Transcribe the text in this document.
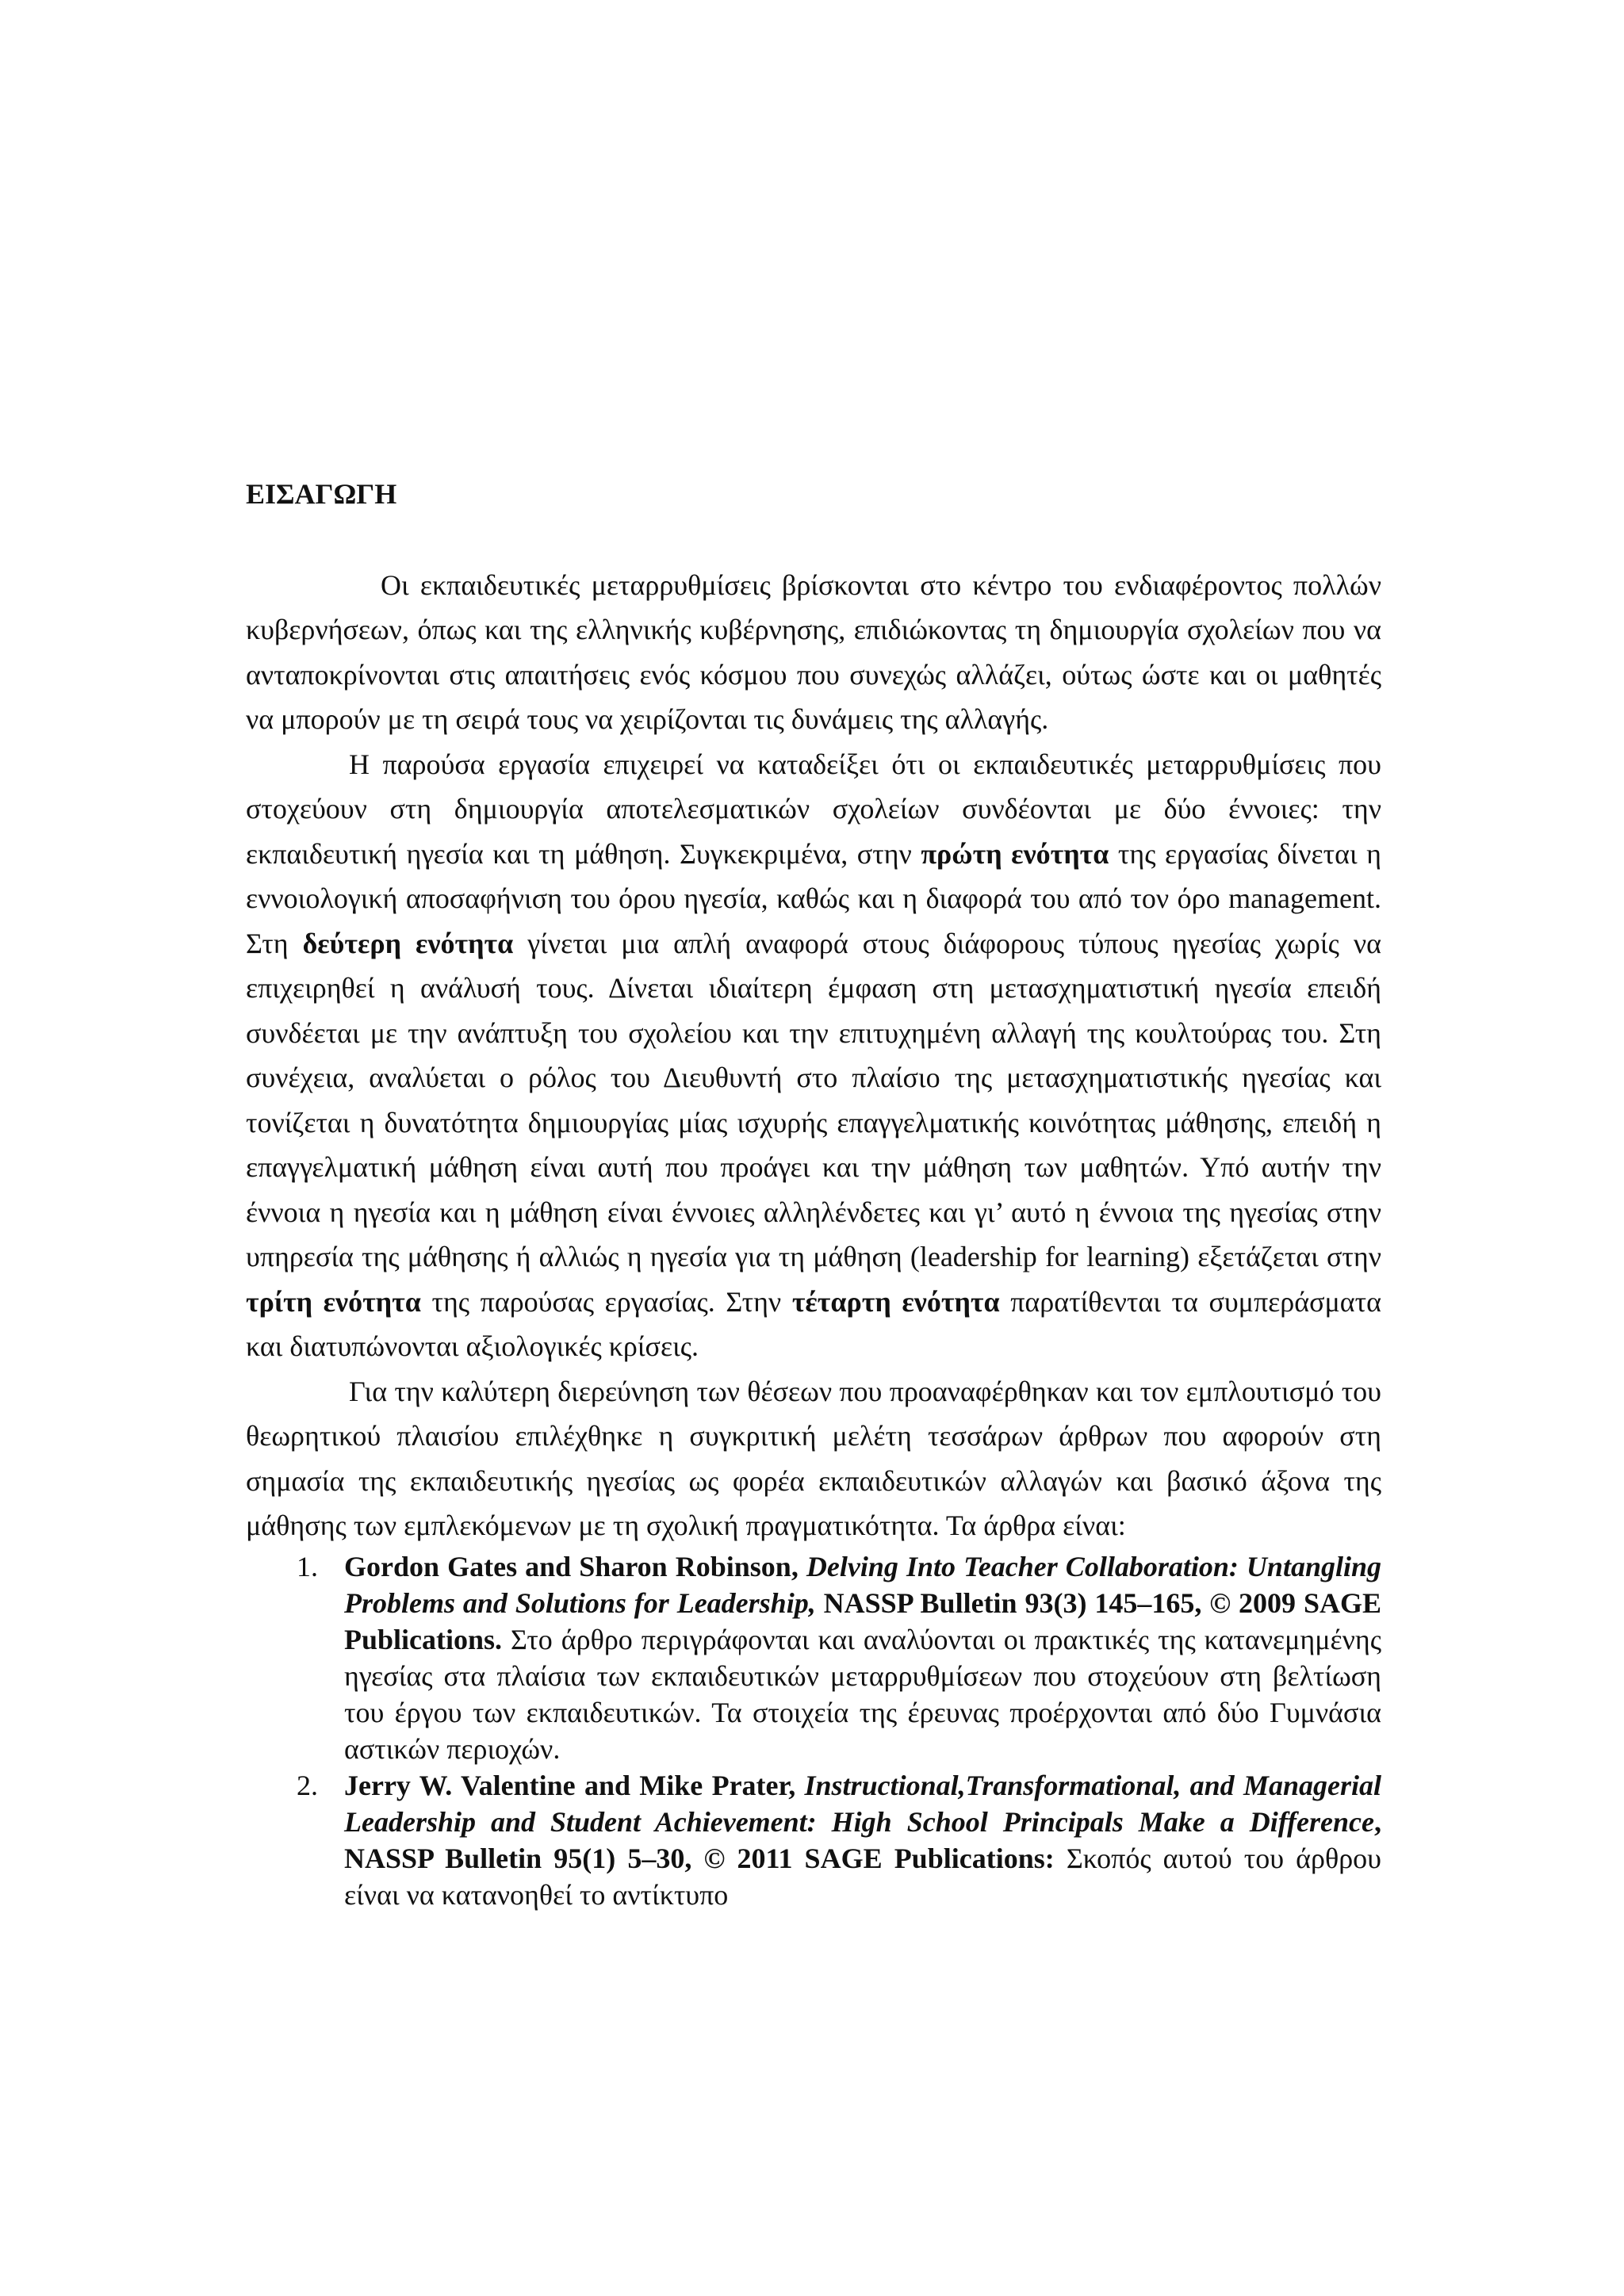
ΕΙΣΑΓΩΓΗ

Οι εκπαιδευτικές μεταρρυθμίσεις βρίσκονται στο κέντρο του ενδιαφέροντος πολλών κυβερνήσεων, όπως και της ελληνικής κυβέρνησης, επιδιώκοντας τη δημιουργία σχολείων που να ανταποκρίνονται στις απαιτήσεις ενός κόσμου που συνεχώς αλλάζει, ούτως ώστε και οι μαθητές να μπορούν με τη σειρά τους να χειρίζονται τις δυνάμεις της αλλαγής.

Η παρούσα εργασία επιχειρεί να καταδείξει ότι οι εκπαιδευτικές μεταρρυθμίσεις που στοχεύουν στη δημιουργία αποτελεσματικών σχολείων συνδέονται με δύο έννοιες: την εκπαιδευτική ηγεσία και τη μάθηση. Συγκεκριμένα, στην πρώτη ενότητα της εργασίας δίνεται η εννοιολογική αποσαφήνιση του όρου ηγεσία, καθώς και η διαφορά του από τον όρο management. Στη δεύτερη ενότητα γίνεται μια απλή αναφορά στους διάφορους τύπους ηγεσίας χωρίς να επιχειρηθεί η ανάλυσή τους. Δίνεται ιδιαίτερη έμφαση στη μετασχηματιστική ηγεσία επειδή συνδέεται με την ανάπτυξη του σχολείου και την επιτυχημένη αλλαγή της κουλτούρας του. Στη συνέχεια, αναλύεται ο ρόλος του Διευθυντή στο πλαίσιο της μετασχηματιστικής ηγεσίας και τονίζεται η δυνατότητα δημιουργίας μίας ισχυρής επαγγελματικής κοινότητας μάθησης, επειδή η επαγγελματική μάθηση είναι αυτή που προάγει και την μάθηση των μαθητών. Υπό αυτήν την έννοια η ηγεσία και η μάθηση είναι έννοιες αλληλένδετες και γι’ αυτό η έννοια της ηγεσίας στην υπηρεσία της μάθησης ή αλλιώς η ηγεσία για τη μάθηση (leadership for learning) εξετάζεται στην τρίτη ενότητα της παρούσας εργασίας. Στην τέταρτη ενότητα παρατίθενται τα συμπεράσματα και διατυπώνονται αξιολογικές κρίσεις.

Για την καλύτερη διερεύνηση των θέσεων που προαναφέρθηκαν και τον εμπλουτισμό του θεωρητικού πλαισίου επιλέχθηκε η συγκριτική μελέτη τεσσάρων άρθρων που αφορούν στη σημασία της εκπαιδευτικής ηγεσίας ως φορέα εκπαιδευτικών αλλαγών και βασικό άξονα της μάθησης των εμπλεκόμενων με τη σχολική πραγματικότητα. Τα άρθρα είναι:

1. Gordon Gates and Sharon Robinson, Delving Into Teacher Collaboration: Untangling Problems and Solutions for Leadership, NASSP Bulletin 93(3) 145–165, © 2009 SAGE Publications. Στο άρθρο περιγράφονται και αναλύονται οι πρακτικές της κατανεμημένης ηγεσίας στα πλαίσια των εκπαιδευτικών μεταρρυθμίσεων που στοχεύουν στη βελτίωση του έργου των εκπαιδευτικών. Τα στοιχεία της έρευνας προέρχονται από δύο Γυμνάσια αστικών περιοχών.
2. Jerry W. Valentine and Mike Prater, Instructional,Transformational, and Managerial Leadership and Student Achievement: High School Principals Make a Difference, NASSP Bulletin 95(1) 5–30, © 2011 SAGE Publications: Σκοπός αυτού του άρθρου είναι να κατανοηθεί το αντίκτυπο
